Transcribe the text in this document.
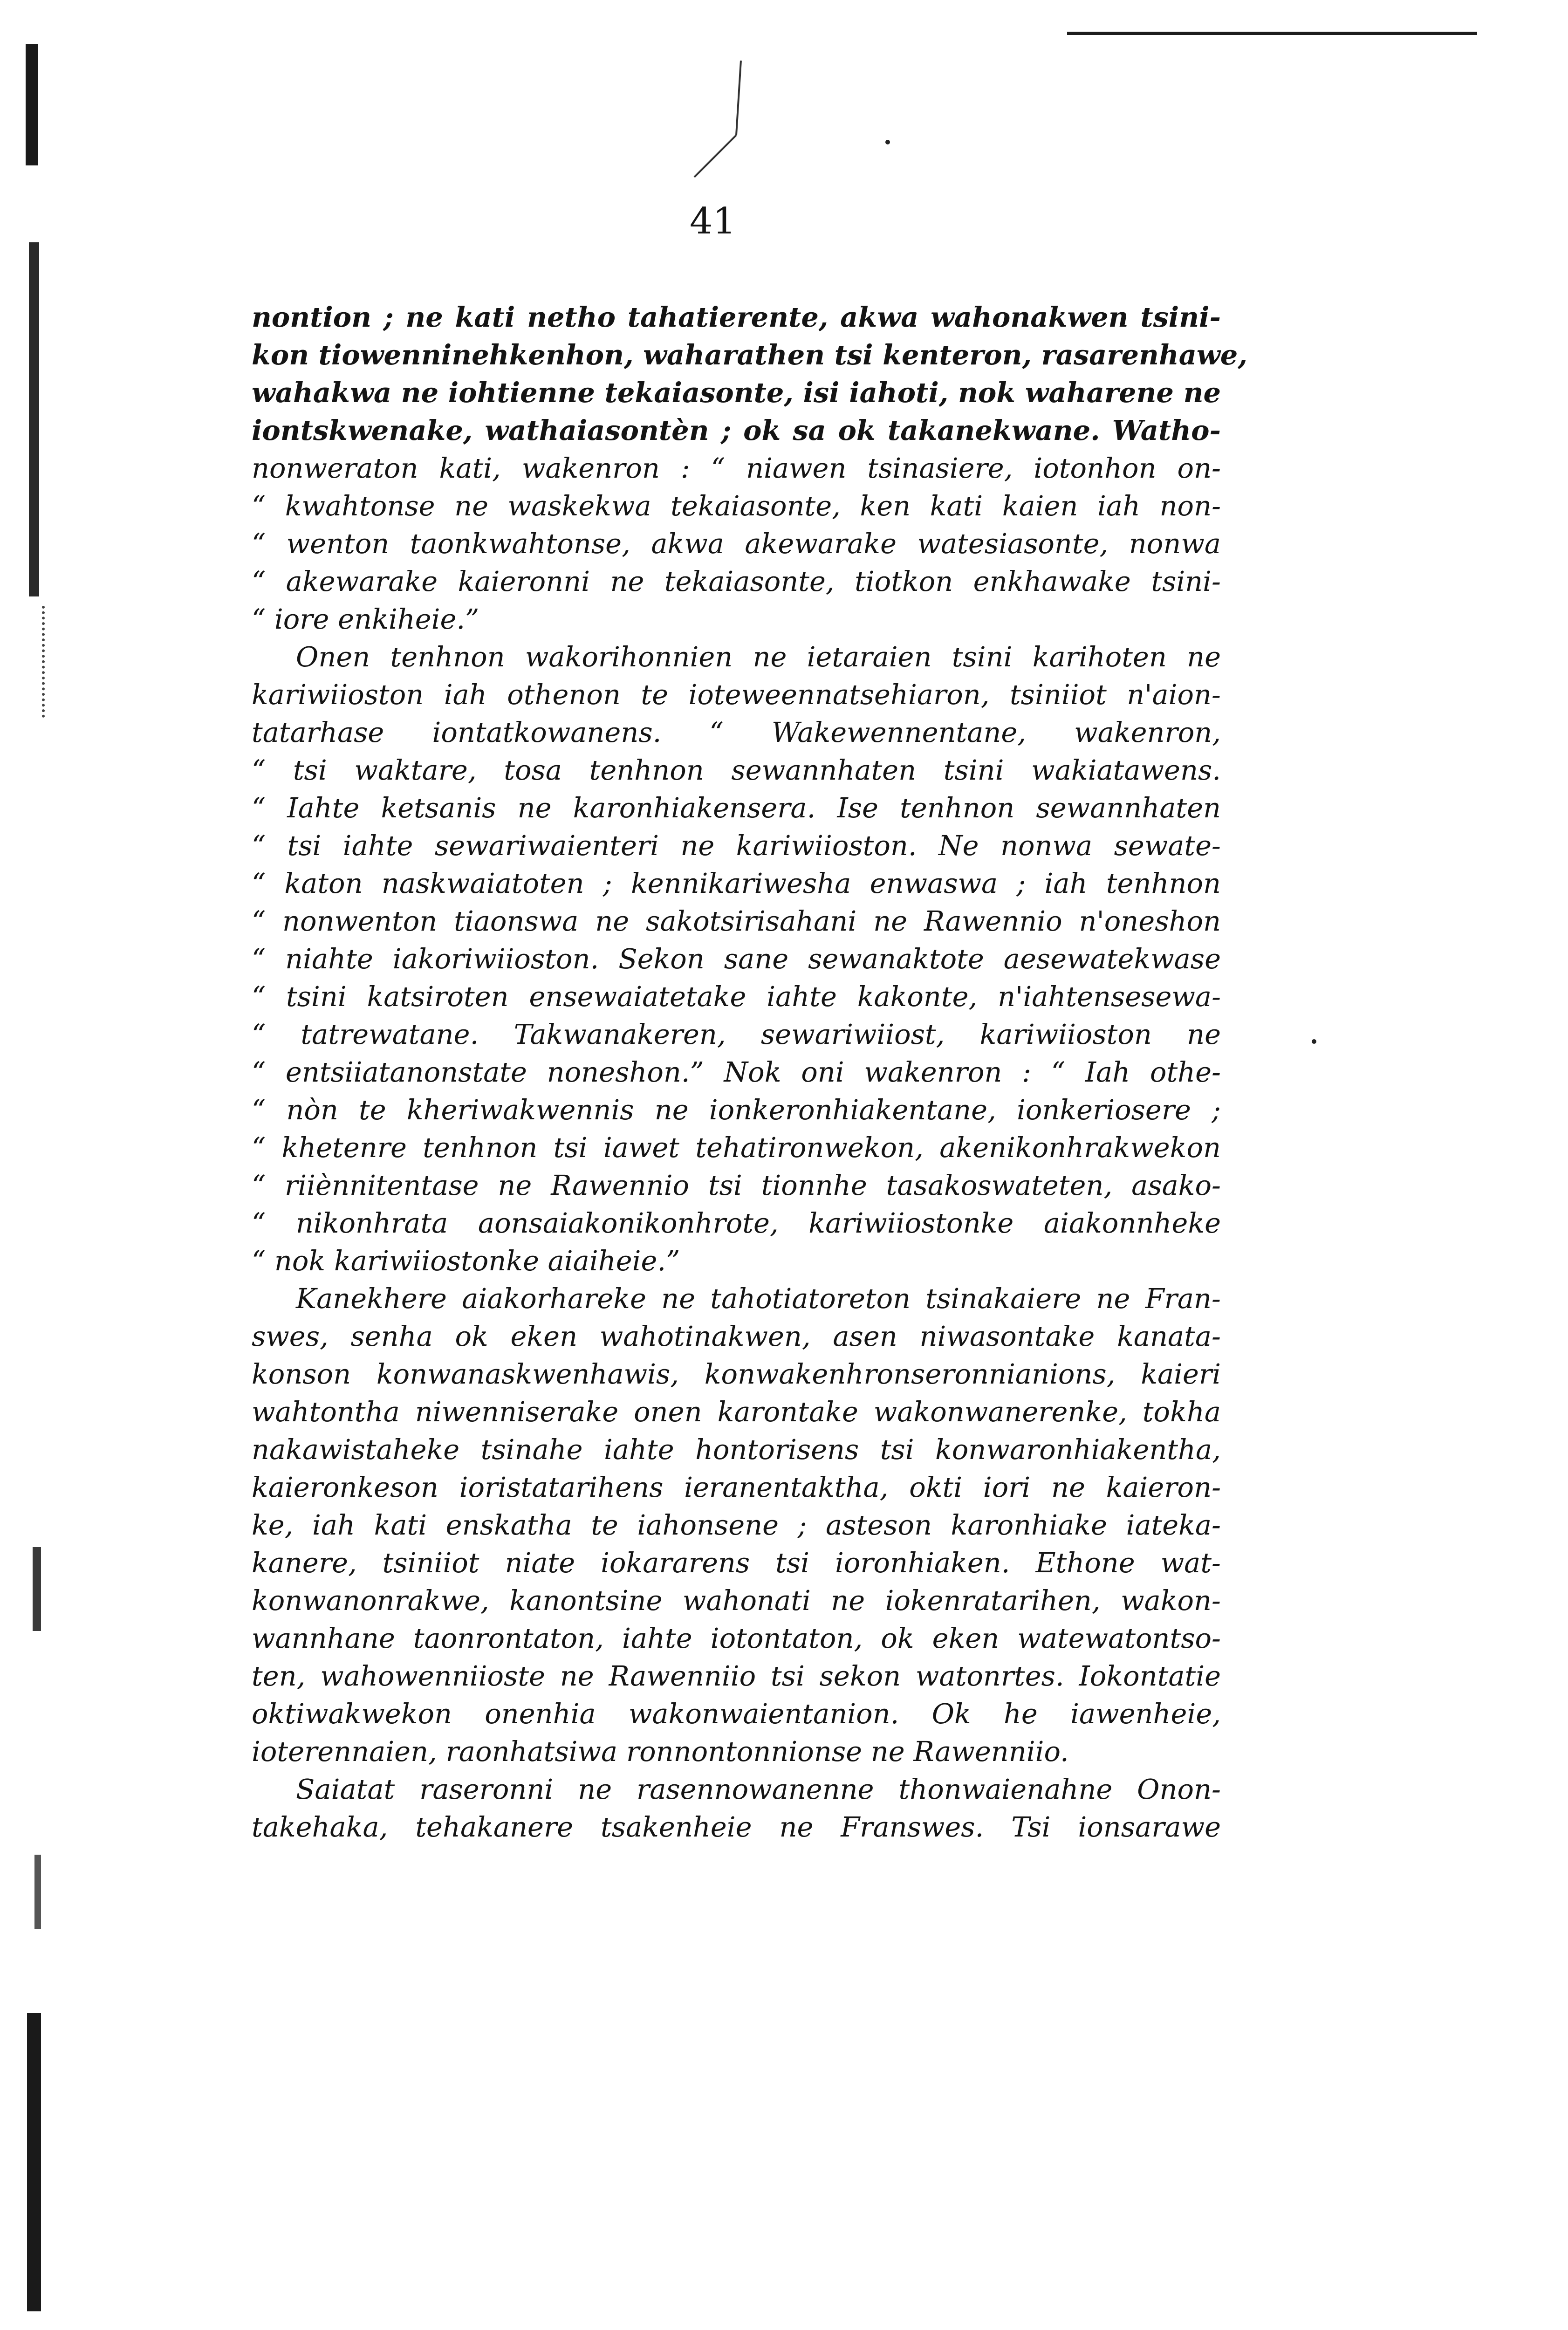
41
nontion ; ne kati netho tahatierente, akwa wahonakwen tsini-
kon tiowenninehkenhon, waharathen tsi kenteron, rasarenhawe,
wahakwa ne iohtienne tekaiasonte, isi iahoti, nok waharene ne
iontskwenake, wathaiasontèn ; ok sa ok takanekwane. Watho-
nonweraton kati, wakenron : “ niawen tsinasiere, iotonhon on-
“ kwahtonse ne waskekwa tekaiasonte, ken kati kaien iah non-
“ wenton taonkwahtonse, akwa akewarake watesiasonte, nonwa
“ akewarake kaieronni ne tekaiasonte, tiotkon enkhawake tsini-
“ iore enkiheie.”
Onen tenhnon wakorihonnien ne ietaraien tsini karihoten ne
kariwiioston iah othenon te ioteweennatsehiaron, tsiniiot n'aion-
tatarhase iontatkowanens. “ Wakewennentane, wakenron,
“ tsi waktare, tosa tenhnon sewannhaten tsini wakiatawens.
“ Iahte ketsanis ne karonhiakensera. Ise tenhnon sewannhaten
“ tsi iahte sewariwaienteri ne kariwiioston. Ne nonwa sewate-
“ katon naskwaiatoten ; kennikariwesha enwaswa ; iah tenhnon
“ nonwenton tiaonswa ne sakotsirisahani ne Rawennio n'oneshon
“ niahte iakoriwiioston. Sekon sane sewanaktote aesewatekwase
“ tsini katsiroten ensewaiatetake iahte kakonte, n'iahtensesewa-
“ tatrewatane. Takwanakeren, sewariwiiost, kariwiioston ne
“ entsiiatanonstate noneshon.” Nok oni wakenron : “ Iah othe-
“ nòn te kheriwakwennis ne ionkeronhiakentane, ionkeriosere ;
“ khetenre tenhnon tsi iawet tehatironwekon, akenikonhrakwekon
“ riiènnitentase ne Rawennio tsi tionnhe tasakoswateten, asako-
“ nikonhrata aonsaiakonikonhrote, kariwiiostonke aiakonnheke
“ nok kariwiiostonke aiaiheie.”
Kanekhere aiakorhareke ne tahotiatoreton tsinakaiere ne Fran-
swes, senha ok eken wahotinakwen, asen niwasontake kanata-
konson konwanaskwenhawis, konwakenhronseronnianions, kaieri
wahtontha niwenniserake onen karontake wakonwanerenke, tokha
nakawistaheke tsinahe iahte hontorisens tsi konwaronhiakentha,
kaieronkeson ioristatarihens ieranentaktha, okti iori ne kaieron-
ke, iah kati enskatha te iahonsene ; asteson karonhiake iateka-
kanere, tsiniiot niate iokararens tsi ioronhiaken. Ethone wat-
konwanonrakwe, kanontsine wahonati ne iokenratarihen, wakon-
wannhane taonrontaton, iahte iotontaton, ok eken watewatontso-
ten, wahowenniioste ne Rawenniio tsi sekon watonrtes. Iokontatie
oktiwakwekon onenhia wakonwaientanion. Ok he iawenheie,
ioterennaien, raonhatsiwa ronnontonnionse ne Rawenniio.
Saiatat raseronni ne rasennowanenne thonwaienahne Onon-
takehaka, tehakanere tsakenheie ne Franswes. Tsi ionsarawe
